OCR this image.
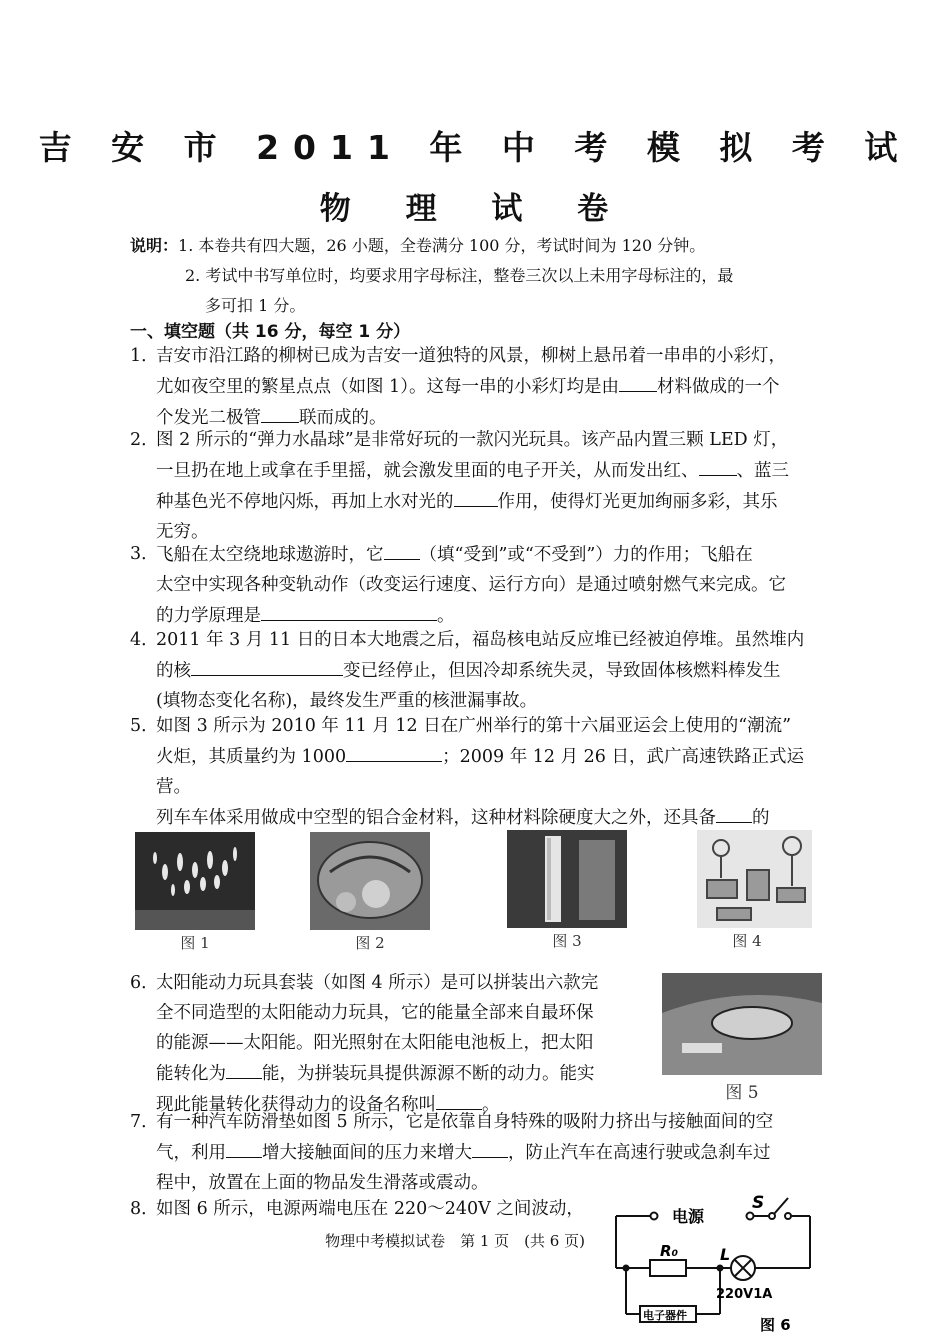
吉 安 市 2011 年 中 考 模 拟 考 试
物 理 试 卷
说明：1. 本卷共有四大题，26 小题，全卷满分 100 分，考试时间为 120 分钟。
2. 考试中书写单位时，均要求用字母标注，整卷三次以上未用字母标注的，最
多可扣 1 分。
一、填空题（共 16 分，每空 1 分）
1．
吉安市沿江路的柳树已成为吉安一道独特的风景，柳树上悬吊着一串串的小彩灯，
尤如夜空里的繁星点点（如图 1）。这每一串的小彩灯均是由 材料做成的一个
个发光二极管 联而成的。
2．
图 2 所示的“弹力水晶球”是非常好玩的一款闪光玩具。该产品内置三颗 LED 灯，
一旦扔在地上或拿在手里摇，就会激发里面的电子开关，从而发出红、 、蓝三
种基色光不停地闪烁，再加上水对光的	作用，使得灯光更加绚丽多彩，其乐
无穷。
3．
飞船在太空绕地球遨游时，它 （填“受到”或“不受到”）力的作用；飞船在
太空中实现各种变轨动作（改变运行速度、运行方向）是通过喷射燃气来完成。它
的力学原理是	。
4．
2011 年 3 月 11 日的日本大地震之后，福岛核电站反应堆已经被迫停堆。虽然堆内
的核	变已经停止，但因冷却系统失灵，导致固体核燃料棒发生
(填物态变化名称)，最终发生严重的核泄漏事故。
5．
如图 3 所示为 2010 年 11 月 12 日在广州举行的第十六届亚运会上使用的“潮流”
火炬，其质量约为 1000	；2009 年 12 月 26 日，武广高速铁路正式运营。
列车车体采用做成中空型的铝合金材料，这种材料除硬度大之外，还具备 的
图 1	图 2	图 3	图 4
6．
太阳能动力玩具套装（如图 4 所示）是可以拼装出六款完
全不同造型的太阳能动力玩具，它的能量全部来自最环保
的能源——太阳能。阳光照射在太阳能电池板上，把太阳
能转化为 能，为拼装玩具提供源源不断的动力。能实
现此能量转化获得动力的设备名称叫	。
图 5
7．
有一种汽车防滑垫如图 5 所示，它是依靠自身特殊的吸附力挤出与接触面间的空
气，利用 增大接触面间的压力来增大 ，防止汽车在高速行驶或急刹车过
程中，放置在上面的物品发生滑落或震动。
8．
如图 6 所示，电源两端电压在 220～240V 之间波动，
物理中考模拟试卷　第 1 页　(共 6 页)
电源
S
R₀	L
220V1A
电子器件
图 6
